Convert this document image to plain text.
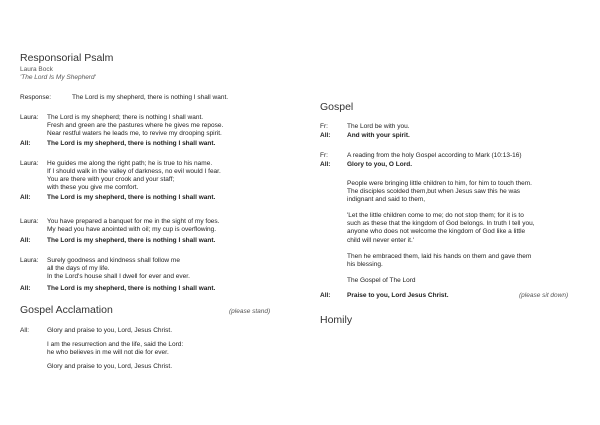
Responsorial Psalm
Laura Bock
'The Lord Is My Shepherd'
Response:	The Lord is my shepherd, there is nothing I shall want.
Laura:	The Lord is my shepherd; there is nothing I shall want.
Fresh and green are the pastures where he gives me repose.
Near restful waters he leads me, to revive my drooping spirit.
All:	The Lord is my shepherd, there is nothing I shall want.
Laura:	He guides me along the right path; he is true to his name.
If I should walk in the valley of darkness, no evil would I fear.
You are there with your crook and your staff;
with these you give me comfort.
All:	The Lord is my shepherd, there is nothing I shall want.
Laura:	You have prepared a banquet for me in the sight of my foes.
My head you have anointed with oil; my cup is overflowing.
All:	The Lord is my shepherd, there is nothing I shall want.
Laura:	Surely goodness and kindness shall follow me
all the days of my life.
In the Lord's house shall I dwell for ever and ever.
All:	The Lord is my shepherd, there is nothing I shall want.
Gospel Acclamation	(please stand)
All:	Glory and praise to you, Lord, Jesus Christ.
I am the resurrection and the life, said the Lord:
he who believes in me will not die for ever.
Glory and praise to you, Lord, Jesus Christ.
Gospel
Fr:	The Lord be with you.
All:	And with your spirit.
Fr:	A reading from the holy Gospel according to Mark (10:13-16)
All:	Glory to you, O Lord.
People were bringing little children to him, for him to touch them.
The disciples scolded them,but when Jesus saw this he was
indignant and said to them,
'Let the little children come to me; do not stop them; for it is to
such as these that the kingdom of God belongs. In truth I tell you,
anyone who does not welcome the kingdom of God like a little
child will never enter it.'
Then he embraced them, laid his hands on them and gave them
his blessing.
The Gospel of The Lord
All:	Praise to you, Lord Jesus Christ.	(please sit down)
Homily
